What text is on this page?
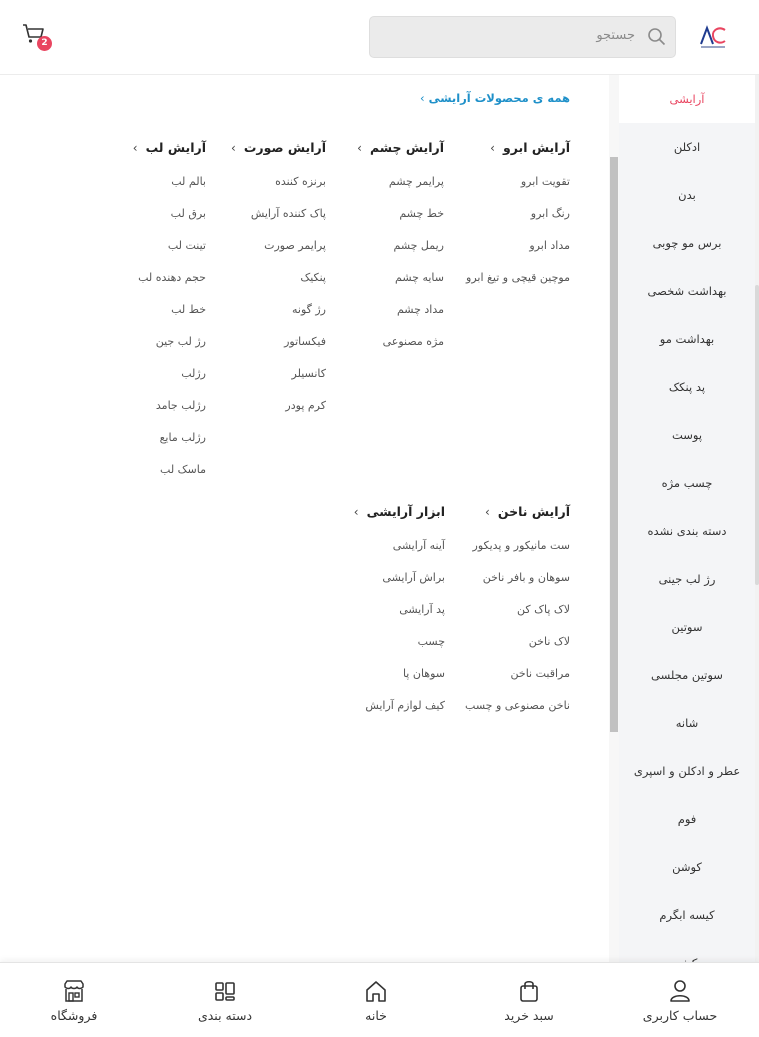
جستجو
2
همه ی محصولات آرایشی›
آرایش ابرو›
تقویت ابرو
رنگ ابرو
مداد ابرو
موچین قیچی و تیغ ابرو
آرایش چشم›
پرایمر چشم
خط چشم
ریمل چشم
سایه چشم
مداد چشم
مژه مصنوعی
آرایش صورت›
برنزه کننده
پاک کننده آرایش
پرایمر صورت
پنکیک
رژ گونه
فیکساتور
کانسیلر
کرم پودر
آرایش لب›
بالم لب
برق لب
تینت لب
حجم دهنده لب
خط لب
رژ لب جین
رژلب
رژلب جامد
رژلب مایع
ماسک لب
آرایش ناخن›
ست مانیکور و پدیکور
سوهان و بافر ناخن
لاک پاک کن
لاک ناخن
مراقبت ناخن
ناخن مصنوعی و چسب
ابزار آرایشی›
آینه آرایشی
براش آرایشی
پد آرایشی
چسب
سوهان پا
کیف لوازم آرایش
آرایشی
ادکلن
بدن
برس مو چوبی
بهداشت شخصی
بهداشت مو
پد پنکک
پوست
چسب مژه
دسته بندی نشده
رژ لب جینی
سوتین
سوتین مجلسی
شانه
عطر و ادکلن و اسپری
فوم
کوشن
کیسه ابگرم
حساب کاربری
سبد خرید
خانه
دسته بندی
فروشگاه
